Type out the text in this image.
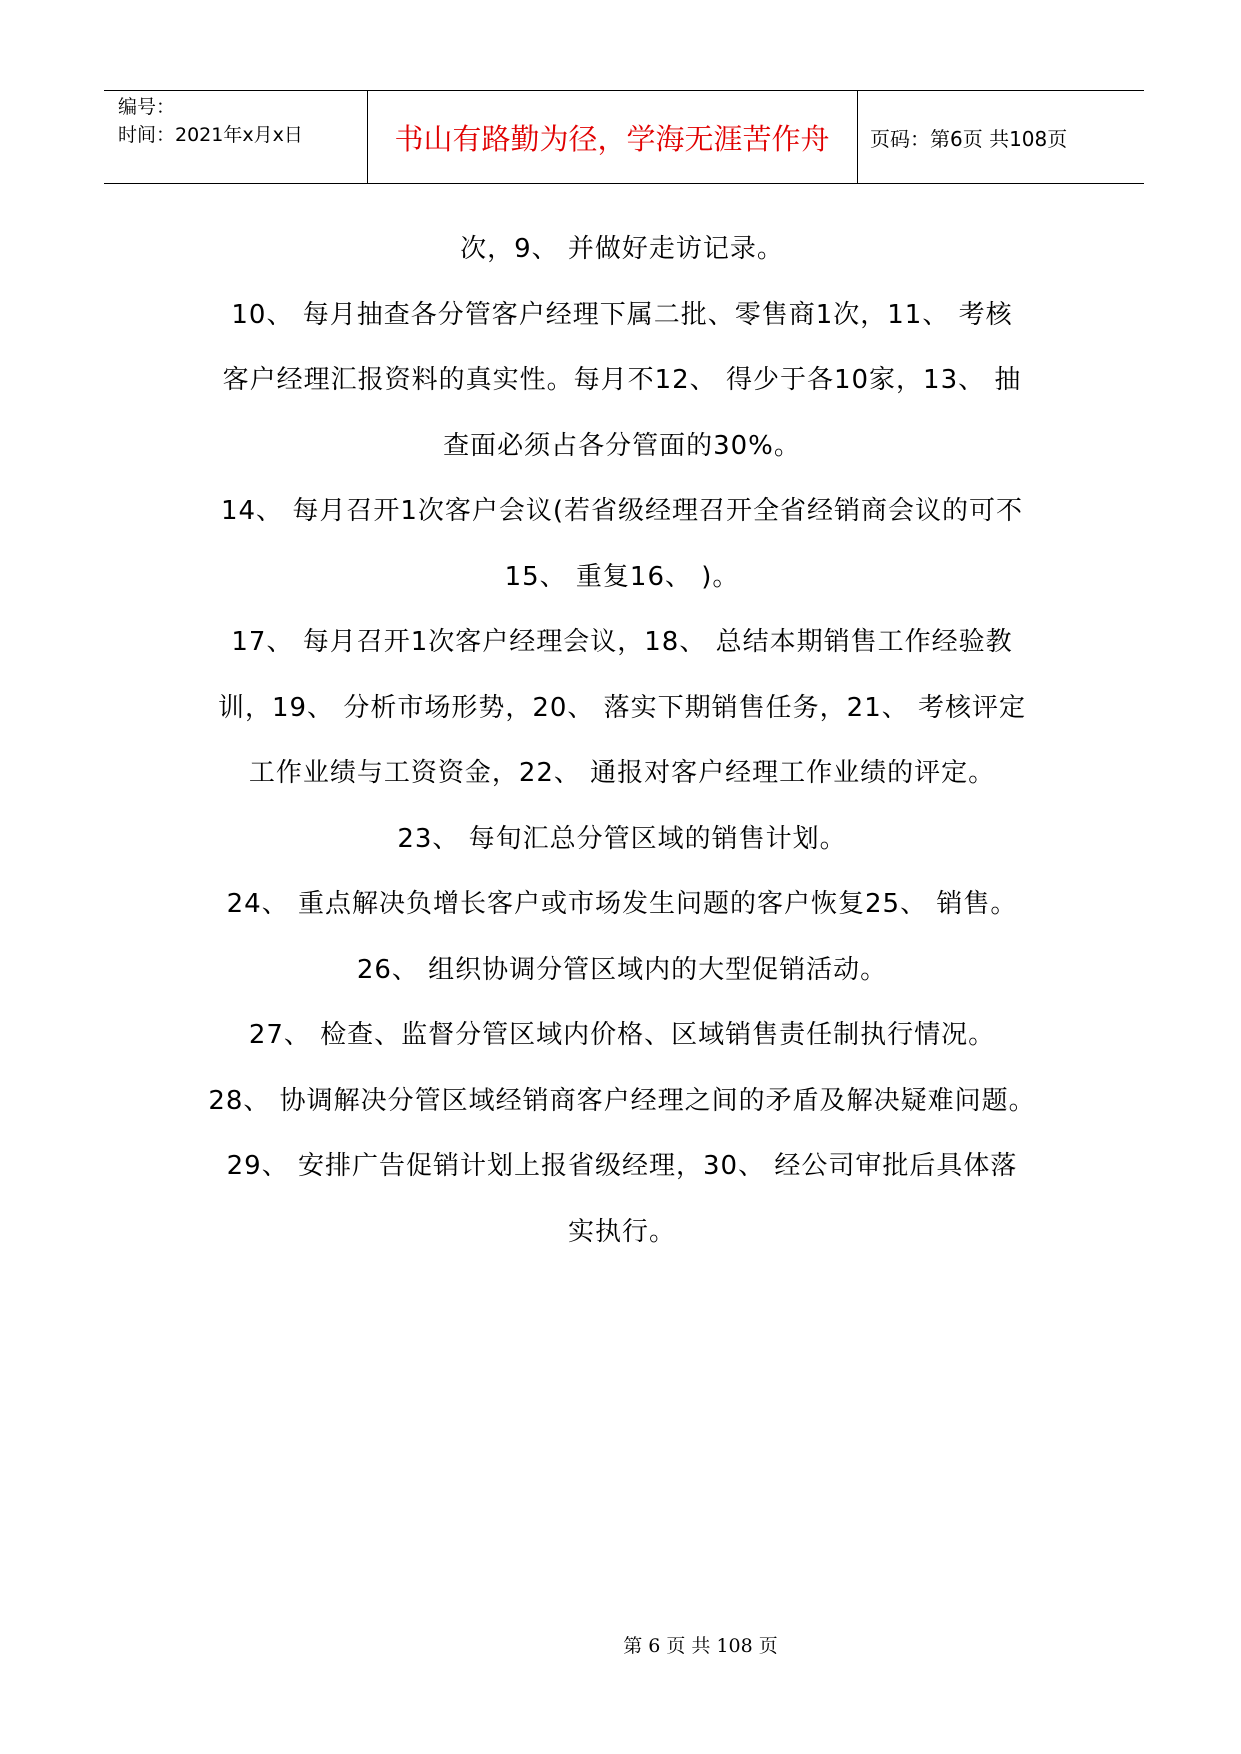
编号：
时间：2021年x月x日	书山有路勤为径，学海无涯苦作舟	页码：第6页 共108页

次，9、 并做好走访记录。

10、 每月抽查各分管客户经理下属二批、零售商1次，11、 考核

客户经理汇报资料的真实性。每月不12、 得少于各10家，13、 抽

查面必须占各分管面的30%。

14、 每月召开1次客户会议(若省级经理召开全省经销商会议的可不

15、 重复16、 )。

17、 每月召开1次客户经理会议，18、 总结本期销售工作经验教

训，19、 分析市场形势，20、 落实下期销售任务，21、 考核评定

工作业绩与工资资金，22、 通报对客户经理工作业绩的评定。

23、 每旬汇总分管区域的销售计划。

24、 重点解决负增长客户或市场发生问题的客户恢复25、 销售。

26、 组织协调分管区域内的大型促销活动。

27、 检查、监督分管区域内价格、区域销售责任制执行情况。

28、 协调解决分管区域经销商客户经理之间的矛盾及解决疑难问题。

29、 安排广告促销计划上报省级经理，30、 经公司审批后具体落

实执行。

第 6 页 共 108 页
